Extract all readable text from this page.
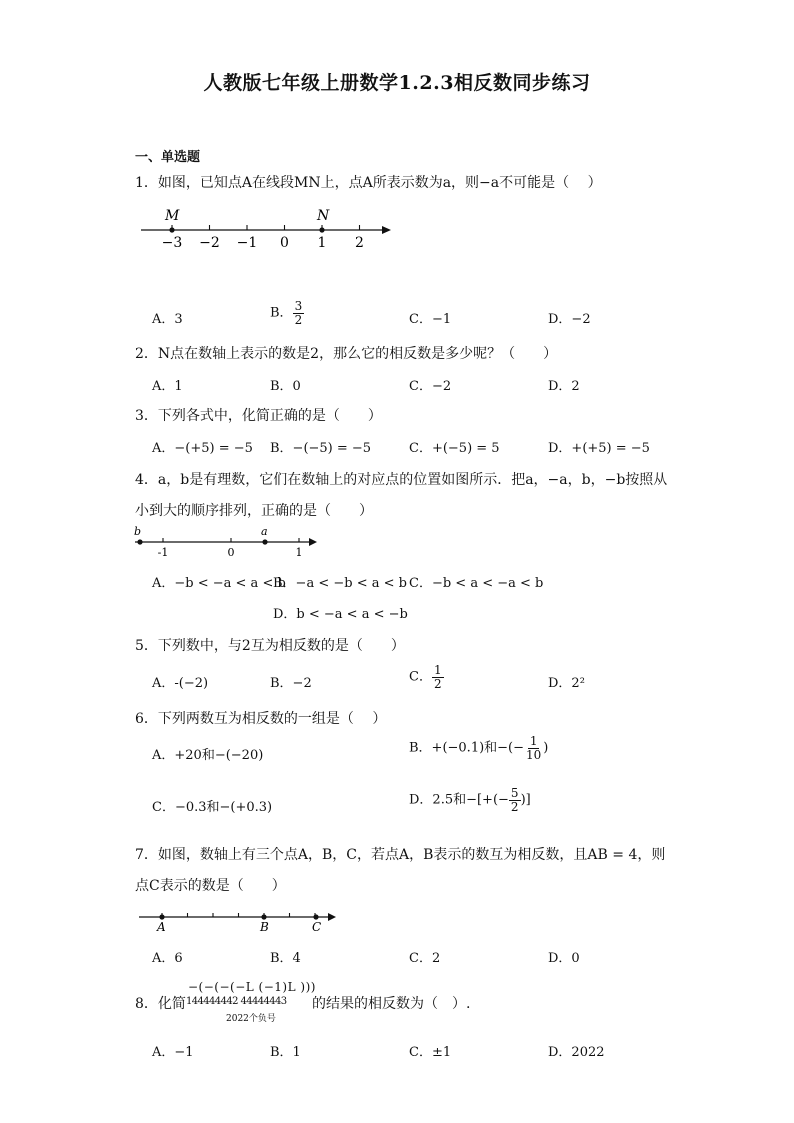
人教版七年级上册数学1.2.3相反数同步练习
一、单选题
1．如图，已知点A在线段MN上，点A所表示数为a，则−a不可能是（　 ）
−3 −2 −1 0 1 2
M	N
A．3	B． $\frac{3}{2}$	C．−1	D．−2
2．N点在数轴上表示的数是2，那么它的相反数是多少呢？（　　）
A．1	B．0	C．−2	D．2
3．下列各式中，化简正确的是（　　）
A．−(+5) = −5 B．−(−5) = −5	C．+(−5) = 5	D．+(+5) = −5
4．a，b是有理数，它们在数轴上的对应点的位置如图所示．把a，−a，b，−b按照从
小到大的顺序排列，正确的是（　　）
-1	0	1
b	a
A．−b < −a < a < b
B．−a < −b < a < b C．−b < a < −a < b
D．b < −a < a < −b
5．下列数中，与2互为相反数的是（　　）
A．-(−2)	B．−2	C． $\frac{1}{2}$	D．2²
6．下列两数互为相反数的一组是（　 ）
A．+20和−(−20)	B．+(−0.1)和−(− $\frac{1}{10}$ )
C．−0.3和−(+0.3)	D．2.5和−[+(− $\frac{5}{2}$ )]
7．如图，数轴上有三个点A，B，C，若点A，B表示的数互为相反数，且AB = 4，则
点C表示的数是（　　）
A	B	C
A．6	B．4	C．2	D．0
8．化简
−(−(−(−L (−1)L )))
144444442 44444443
2022个负号
的结果的相反数为（　）.
A．−1	B．1	C．±1	D．2022
